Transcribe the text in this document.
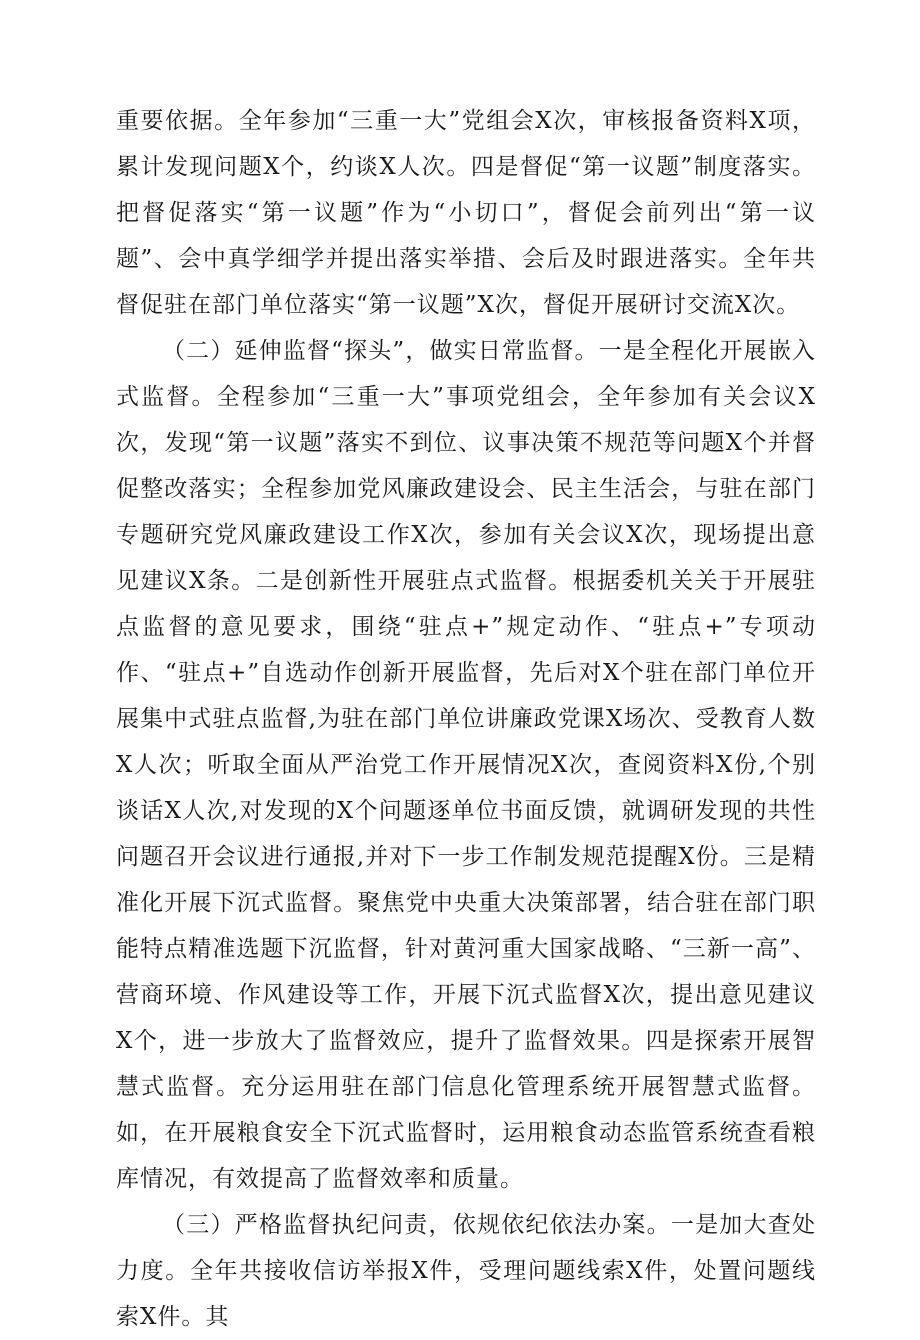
重要依据。全年参加“三重一大”党组会X次，审核报备资料X项，累计发现问题X个，约谈X人次。四是督促“第一议题”制度落实。把督促落实“第一议题”作为“小切口”，督促会前列出“第一议题”、会中真学细学并提出落实举措、会后及时跟进落实。全年共督促驻在部门单位落实“第一议题”X次，督促开展研讨交流X次。

（二）延伸监督“探头”，做实日常监督。一是全程化开展嵌入式监督。全程参加“三重一大”事项党组会，全年参加有关会议X次，发现“第一议题”落实不到位、议事决策不规范等问题X个并督促整改落实；全程参加党风廉政建设会、民主生活会，与驻在部门专题研究党风廉政建设工作X次，参加有关会议X次，现场提出意见建议X条。二是创新性开展驻点式监督。根据委机关关于开展驻点监督的意见要求，围绕“驻点+”规定动作、“驻点+”专项动作、“驻点+”自选动作创新开展监督，先后对X个驻在部门单位开展集中式驻点监督,为驻在部门单位讲廉政党课X场次、受教育人数X人次；听取全面从严治党工作开展情况X次，查阅资料X份,个别谈话X人次,对发现的X个问题逐单位书面反馈，就调研发现的共性问题召开会议进行通报,并对下一步工作制发规范提醒X份。三是精准化开展下沉式监督。聚焦党中央重大决策部署，结合驻在部门职能特点精准选题下沉监督，针对黄河重大国家战略、“三新一高”、营商环境、作风建设等工作，开展下沉式监督X次，提出意见建议X个，进一步放大了监督效应，提升了监督效果。四是探索开展智慧式监督。充分运用驻在部门信息化管理系统开展智慧式监督。如，在开展粮食安全下沉式监督时，运用粮食动态监管系统查看粮库情况，有效提高了监督效率和质量。

（三）严格监督执纪问责，依规依纪依法办案。一是加大查处力度。全年共接收信访举报X件，受理问题线索X件，处置问题线索X件。其
